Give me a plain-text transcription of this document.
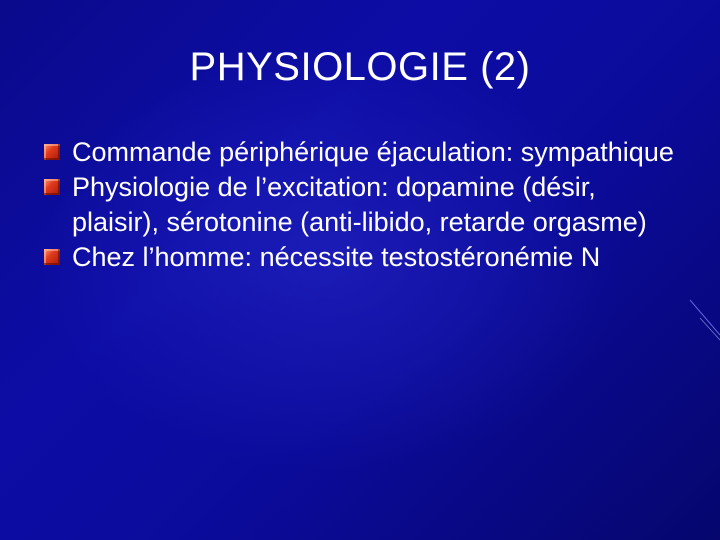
PHYSIOLOGIE (2)
Commande périphérique éjaculation: sympathique
Physiologie de l’excitation: dopamine (désir, plaisir), sérotonine (anti-libido, retarde orgasme)
Chez l’homme: nécessite testostéronémie N
